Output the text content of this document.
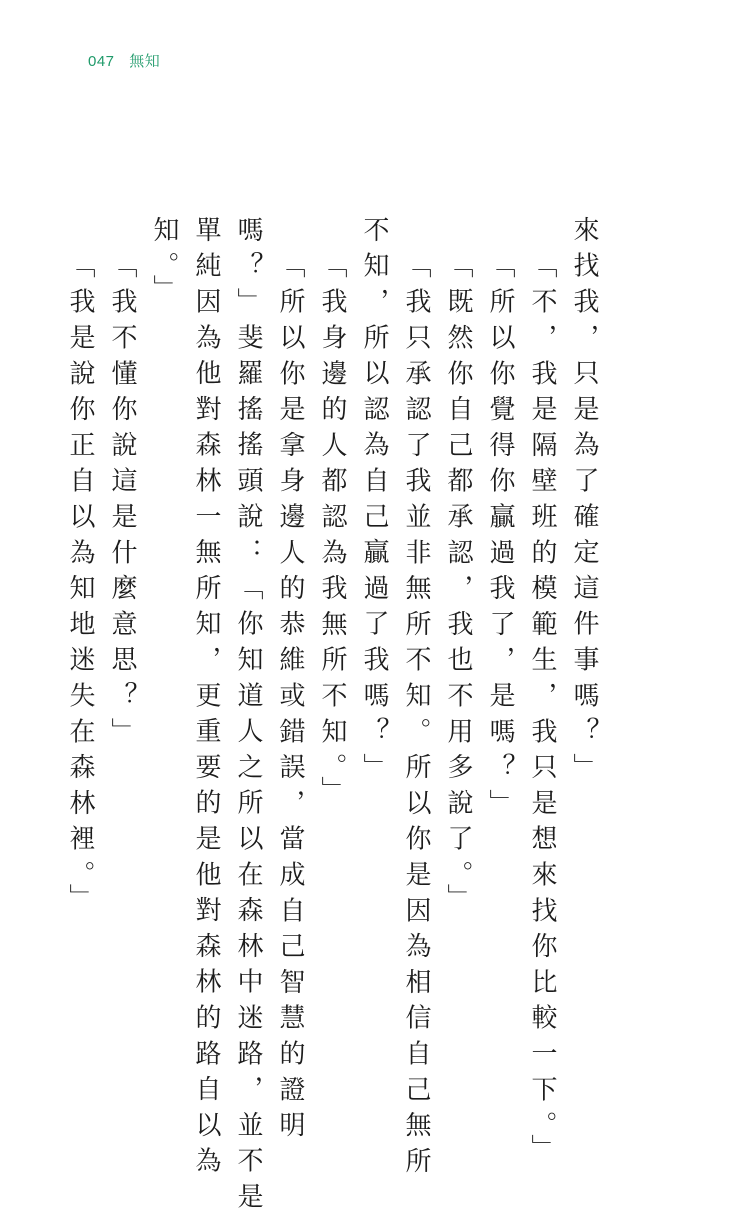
047 無知

來找我，只是為了確定這件事嗎？」

「不，我是隔壁班的模範生，我只是想來找你比較一下。」

「所以你覺得你贏過我了，是嗎？」

「既然你自己都承認，我也不用多說了。」

「我只承認了我並非無所不知。所以你是因為相信自己無所

不知，所以認為自己贏過了我嗎？」

「我身邊的人都認為我無所不知。」

「所以你是拿身邊人的恭維或錯誤，當成自己智慧的證明

嗎？」斐羅搖搖頭說：「你知道人之所以在森林中迷路，並不是

單純因為他對森林一無所知，更重要的是他對森林的路自以為

知。」

「我不懂你說這是什麼意思？」

「我是說你正自以為知地迷失在森林裡。」
